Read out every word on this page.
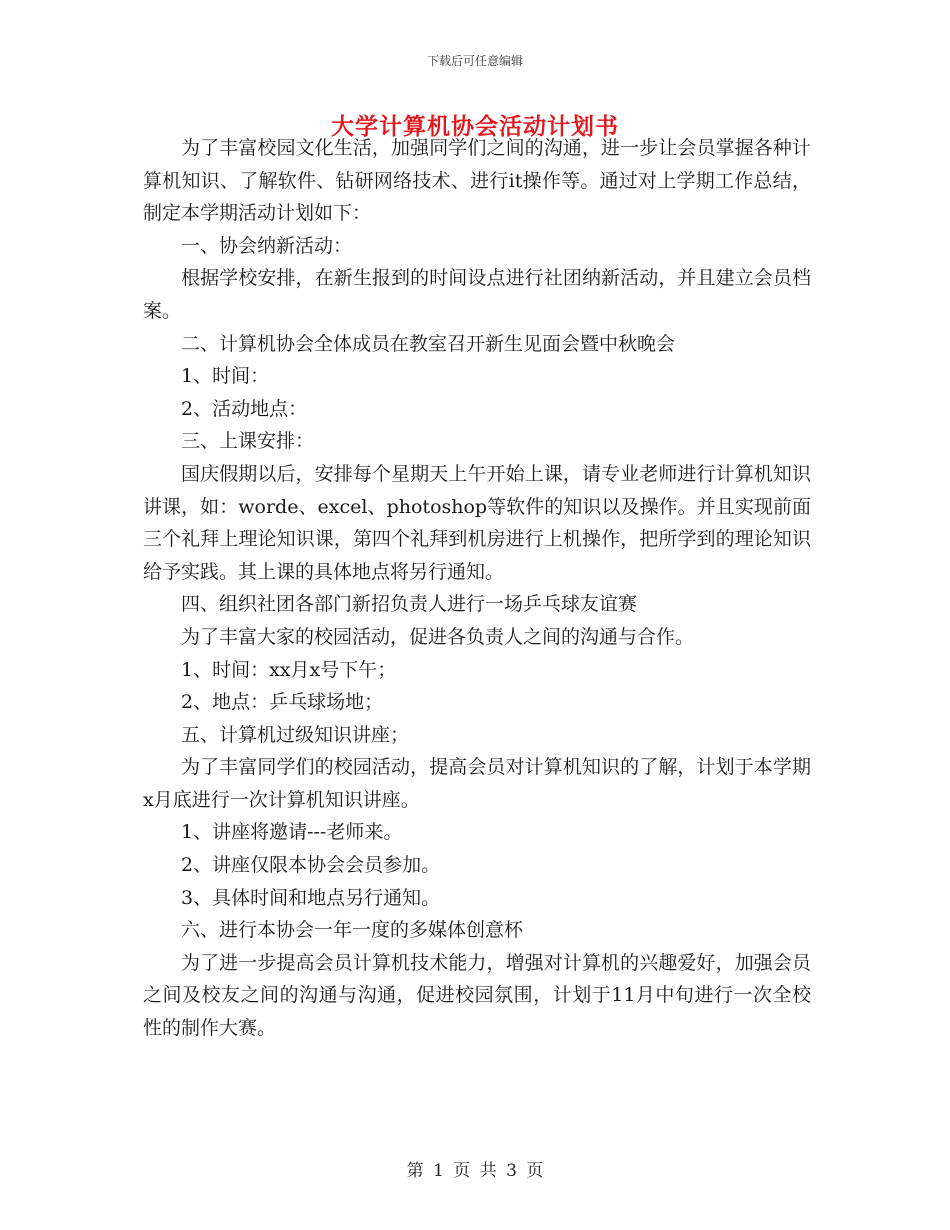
下载后可任意编辑
大学计算机协会活动计划书

为了丰富校园文化生活，加强同学们之间的沟通，进一步让会员掌握各种计算机知识、了解软件、钻研网络技术、进行it操作等。通过对上学期工作总结，制定本学期活动计划如下：

一、协会纳新活动：

根据学校安排，在新生报到的时间设点进行社团纳新活动，并且建立会员档案。

二、计算机协会全体成员在教室召开新生见面会暨中秋晚会

1、时间：

2、活动地点：

三、上课安排：

国庆假期以后，安排每个星期天上午开始上课，请专业老师进行计算机知识讲课，如：worde、excel、photoshop等软件的知识以及操作。并且实现前面三个礼拜上理论知识课，第四个礼拜到机房进行上机操作，把所学到的理论知识给予实践。其上课的具体地点将另行通知。

四、组织社团各部门新招负责人进行一场乒乓球友谊赛

为了丰富大家的校园活动，促进各负责人之间的沟通与合作。

1、时间：xx月x号下午；

2、地点：乒乓球场地；

五、计算机过级知识讲座；

为了丰富同学们的校园活动，提高会员对计算机知识的了解，计划于本学期x月底进行一次计算机知识讲座。

1、讲座将邀请---老师来。

2、讲座仅限本协会会员参加。

3、具体时间和地点另行通知。

六、进行本协会一年一度的多媒体创意杯

为了进一步提高会员计算机技术能力，增强对计算机的兴趣爱好，加强会员之间及校友之间的沟通与沟通，促进校园氛围，计划于11月中旬进行一次全校性的制作大赛。

第 1 页 共 3 页
